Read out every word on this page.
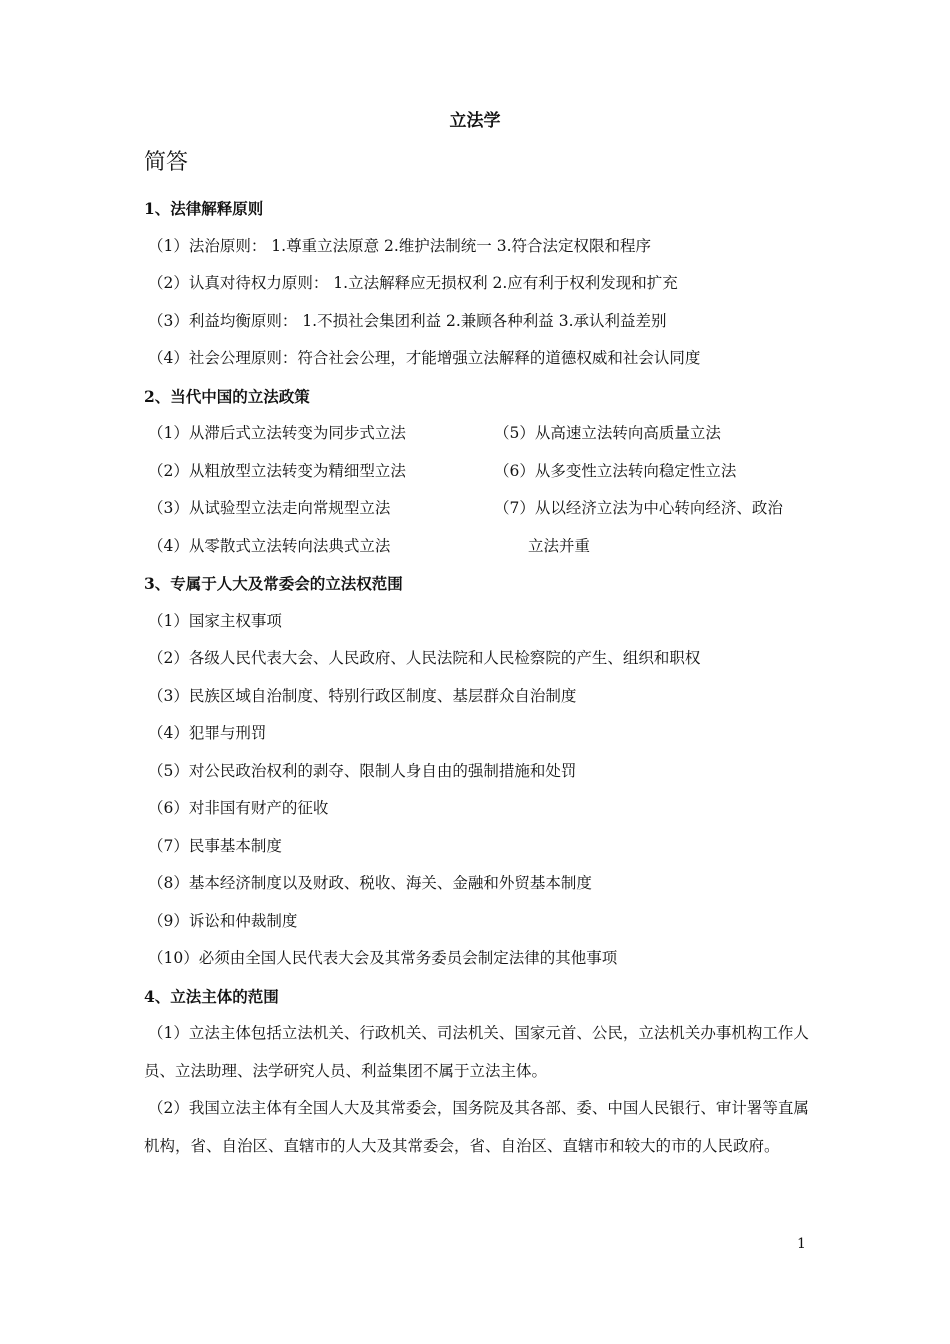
立法学
简答
1、法律解释原则
（1）法治原则： 1.尊重立法原意 2.维护法制统一 3.符合法定权限和程序
（2）认真对待权力原则： 1.立法解释应无损权利 2.应有利于权利发现和扩充
（3）利益均衡原则： 1.不损社会集团利益 2.兼顾各种利益 3.承认利益差别
（4）社会公理原则：符合社会公理，才能增强立法解释的道德权威和社会认同度
2、当代中国的立法政策
（1）从滞后式立法转变为同步式立法
（2）从粗放型立法转变为精细型立法
（3）从试验型立法走向常规型立法
（4）从零散式立法转向法典式立法
（5）从高速立法转向高质量立法
（6）从多变性立法转向稳定性立法
（7）从以经济立法为中心转向经济、政治
立法并重
3、专属于人大及常委会的立法权范围
（1）国家主权事项
（2）各级人民代表大会、人民政府、人民法院和人民检察院的产生、组织和职权
（3）民族区域自治制度、特别行政区制度、基层群众自治制度
（4）犯罪与刑罚
（5）对公民政治权利的剥夺、限制人身自由的强制措施和处罚
（6）对非国有财产的征收
（7）民事基本制度
（8）基本经济制度以及财政、税收、海关、金融和外贸基本制度
（9）诉讼和仲裁制度
（10）必须由全国人民代表大会及其常务委员会制定法律的其他事项
4、立法主体的范围
（1）立法主体包括立法机关、行政机关、司法机关、国家元首、公民，立法机关办事机构工作人员、立法助理、法学研究人员、利益集团不属于立法主体。
（2）我国立法主体有全国人大及其常委会，国务院及其各部、委、中国人民银行、审计署等直属机构，省、自治区、直辖市的人大及其常委会，省、自治区、直辖市和较大的市的人民政府。
1
